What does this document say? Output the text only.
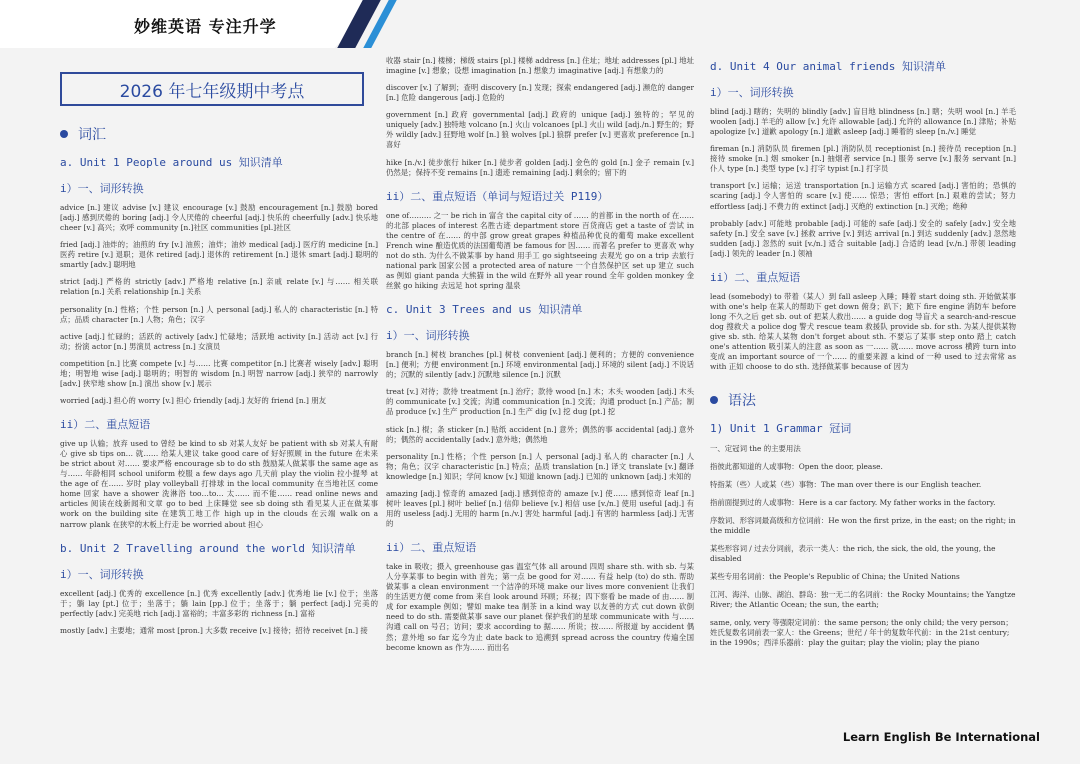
妙维英语 专注升学
2026 年七年级期中考点
词汇
a. Unit 1 People around us 知识清单
i）一、词形转换

advice [n.] 建议 advise [v.] 建议 encourage [v.] 鼓励 encouragement [n.] 鼓励 bored [adj.] 感到厌倦的 boring [adj.] 令人厌倦的 cheerful [adj.] 快乐的 cheerfully [adv.] 快乐地 cheer [v.] 高兴；欢呼 community [n.]社区 communities [pl.]社区

fried [adj.] 油炸的；油煎的 fry [v.] 油煎；油炸；油炒 medical [adj.] 医疗的 medicine [n.] 医药 retire [v.] 退职；退休 retired [adj.] 退休的 retirement [n.] 退休 smart [adj.] 聪明的 smartly [adv.] 聪明地

strict [adj.] 严格的 strictly [adv.] 严格地 relative [n.] 亲戚 relate [v.] 与…… 相关联 relation [n.] 关系 relationship [n.] 关系

personality [n.] 性格；个性 person [n.] 人 personal [adj.] 私人的 characteristic [n.] 特点；品质 character [n.] 人物；角色；汉字

active [adj.] 忙碌的；活跃的 actively [adv.] 忙碌地；活跃地 activity [n.] 活动 act [v.] 行动；扮演 actor [n.] 男演员 actress [n.] 女演员

competition [n.] 比赛 compete [v.] 与…… 比赛 competitor [n.] 比赛者 wisely [adv.] 聪明地；明智地 wise [adj.] 聪明的；明智的 wisdom [n.] 明智 narrow [adj.] 狭窄的 narrowly [adv.] 狭窄地 show [n.] 演出 show [v.] 展示

worried [adj.] 担心的 worry [v.] 担心 friendly [adj.] 友好的 friend [n.] 朋友

ii）二、重点短语

give up 认输；放弃 used to 曾经 be kind to sb 对某人友好 be patient with sb 对某人有耐心 give sb tips on… 就…… 给某人建议 take good care of 好好照顾 in the future 在未来 be strict about 对…… 要求严格 encourage sb to do sth 鼓励某人做某事 the same age as 与…… 年龄相同 school uniform 校服 a few days ago 几天前 play the violin 拉小提琴 at the age of 在…… 岁时 play volleyball 打排球 in the local community 在当地社区 come home 回家 have a shower 洗淋浴 too…to… 太…… 而不能…… read online news and articles 阅读在线新闻和文章 go to bed 上床睡觉 see sb doing sth 看见某人正在做某事 work on the building site 在建筑工地工作 high up in the clouds 在云端 walk on a narrow plank 在狭窄的木板上行走 be worried about 担心

b. Unit 2 Travelling around the world 知识清单
i）一、词形转换

excellent [adj.] 优秀的 excellence [n.] 优秀 excellently [adv.] 优秀地 lie [v.] 位于；坐落于；躺 lay [pt.] 位于；坐落于；躺 lain [pp.] 位于；坐落于；躺 perfect [adj.] 完美的 perfectly [adv.] 完美地 rich [adj.] 富裕的；丰富多彩的 richness [n.] 富裕

mostly [adv.] 主要地；通常 most [pron.] 大多数 receive [v.] 接待；招待 receivet [n.] 接

收器 stair [n.] 楼梯；梯级 stairs [pl.] 楼梯 address [n.] 住址；地址 addresses [pl.] 地址 imagine [v.] 想象；设想 imagination [n.] 想象力 imaginative [adj.] 有想象力的

discover [v.] 了解到；查明 discovery [n.] 发现；探索 endangered [adj.] 濒危的 danger [n.] 危险 dangerous [adj.] 危险的

government [n.] 政府 governmental [adj.] 政府的 unique [adj.] 独特的；罕见的 uniquely [adv.] 独特地 volcano [n.] 火山 volcanoes [pl.] 火山 wild [adj./n.] 野生的；野外 wildly [adv.] 狂野地 wolf [n.] 狼 wolves [pl.] 狼群 prefer [v.] 更喜欢 preference [n.] 喜好

hike [n./v.] 徒步旅行 hiker [n.] 徒步者 golden [adj.] 金色的 gold [n.] 金子 remain [v.] 仍然是；保持不变 remains [n.] 遗迹 remaining [adj.] 剩余的；留下的

ii）二、重点短语（单词与短语过关 P119）

one of……… 之一 be rich in 富含 the capital city of …… 的首都 in the north of 在…… 的北部 places of interest 名胜古迹 department store 百货商店 get a taste of 尝试 in the centre of 在…… 的中部 grow great grapes 种植品种优良的葡萄 make excellent French wine 酿造优质的法国葡萄酒 be famous for 因…… 而著名 prefer to 更喜欢 why not do sth. 为什么不做某事 by hand 用手工 go sightseeing 去观光 go on a trip 去旅行 national park 国家公园 a protected area of nature 一个自然保护区 set up 建立 such as 例如 giant panda 大熊猫 in the wild 在野外 all year round 全年 golden monkey 金丝猴 go hiking 去远足 hot spring 温泉

c. Unit 3 Trees and us 知识清单
i）一、词形转换

branch [n.] 树枝 branches [pl.] 树枝 convenient [adj.] 便利的；方便的 convenience [n.] 便利；方便 environment [n.] 环境 environmental [adj.] 环境的 silent [adj.] 不说话的；沉默的 silently [adv.] 沉默地 silence [n.] 沉默

treat [v.] 对待；款待 treatment [n.] 治疗；款待 wood [n.] 木；木头 wooden [adj.] 木头的 communicate [v.] 交流；沟通 communication [n.] 交流；沟通 product [n.] 产品；制品 produce [v.] 生产 production [n.] 生产 dig [v.] 挖 dug [pt.] 挖

stick [n.] 棍；条 sticker [n.] 贴纸 accident [n.] 意外；偶然的事 accidental [adj.] 意外的；偶然的 accidentally [adv.] 意外地；偶然地

personality [n.] 性格；个性 person [n.] 人 personal [adj.] 私人的 character [n.] 人物；角色；汉字 characteristic [n.] 特点；品质 translation [n.] 译文 translate [v.] 翻译 knowledge [n.] 知识；学问 know [v.] 知道 known [adj.] 已知的 unknown [adj.] 未知的

amazing [adj.] 惊奇的 amazed [adj.] 感到惊奇的 amaze [v.] 使…… 感到惊奇 leaf [n.] 树叶 leaves [pl.] 树叶 belief [n.] 信仰 believe [v.] 相信 use [v./n.] 使用 useful [adj.] 有用的 useless [adj.] 无用的 harm [n./v.] 害处 harmful [adj.] 有害的 harmless [adj.] 无害的

ii）二、重点短语

take in 吸收；摄入 greenhouse gas 温室气体 all around 四周 share sth. with sb. 与某人分享某事 to begin with 首先；第一点 be good for 对…… 有益 help (to) do sth. 帮助做某事 a clean environment 一个洁净的环境 make our lives more convenient 让我们的生活更方便 come from 来自 look around 环顾；环视；四下察看 be made of 由…… 制成 for example 例如；譬如 make tea 制茶 in a kind way 以友善的方式 cut down 砍倒 need to do sth. 需要做某事 save our planet 保护我们的星球 communicate with 与…… 沟通 call on 号召；访问；要求 according to 据…… 所说；按…… 所报道 by accident 偶然；意外地 so far 迄今为止 date back to 追溯到 spread across the country 传遍全国 become known as 作为…… 而出名

d. Unit 4 Our animal friends 知识清单
i）一、词形转换

blind [adj.] 瞎的；失明的 blindly [adv.] 盲目地 blindness [n.] 瞎；失明 wool [n.] 羊毛 woolen [adj.] 羊毛的 allow [v.] 允许 allowable [adj.] 允许的 allowance [n.] 津贴；补贴 apologize [v.] 道歉 apology [n.] 道歉 asleep [adj.] 睡着的 sleep [n./v.] 睡觉

fireman [n.] 消防队员 firemen [pl.] 消防队员 receptionist [n.] 接待员 reception [n.] 接待 smoke [n.] 烟 smoker [n.] 抽烟者 service [n.] 服务 serve [v.] 服务 servant [n.] 仆人 type [n.] 类型 type [v.] 打字 typist [n.] 打字员

transport [v.] 运输；运送 transportation [n.] 运输方式 scared [adj.] 害怕的；恐惧的 scaring [adj.] 令人害怕的 scare [v.] 使…… 惊恐；害怕 effort [n.] 艰难的尝试；努力 effortless [adj.] 不费力的 extinct [adj.] 灭绝的 extinction [n.] 灭绝；绝种

probably [adv.] 可能地 probable [adj.] 可能的 safe [adj.] 安全的 safely [adv.] 安全地 safety [n.] 安全 save [v.] 拯救 arrive [v.] 到达 arrival [n.] 到达 suddenly [adv.] 忽然地 sudden [adj.] 忽然的 suit [v./n.] 适合 suitable [adj.] 合适的 lead [v./n.] 带领 leading [adj.] 领先的 leader [n.] 领袖

ii）二、重点短语

lead (somebody) to 带着（某人）到 fall asleep 入睡；睡着 start doing sth. 开始做某事 with one's help 在某人的帮助下 get down 俯身；趴下；跪下 fire engine 消防车 before long 不久之后 get sb. out of 把某人救出…… a guide dog 导盲犬 a search-and-rescue dog 搜救犬 a police dog 警犬 rescue team 救援队 provide sb. for sth. 为某人提供某物 give sb. sth. 给某人某物 don't forget about sth. 不要忘了某事 step onto 踏上 catch one's attention 吸引某人的注意 as soon as 一…… 就…… move across 横跨 turn into 变成 an important source of 一个…… 的重要来源 a kind of 一种 used to 过去常常 as with 正如 choose to do sth. 选择做某事 because of 因为

语法
1) Unit 1 Grammar 冠词

一、定冠词 the 的主要用法

指彼此都知道的人或事物：Open the door, please.

特指某（些）人或某（些）事物：The man over there is our English teacher.

指前面提到过的人或事物：Here is a car factory. My father works in the factory.

序数词、形容词最高级和方位词前：He won the first prize, in the east; on the right; in the middle

某些形容词 / 过去分词前，表示一类人：the rich, the sick, the old, the young, the disabled

某些专用名词前：the People's Republic of China; the United Nations

江河、海洋、山脉、湖泊、群岛：独一无二的名词前：the Rocky Mountains; the Yangtze River; the Atlantic Ocean; the sun, the earth;

same, only, very 等强限定词前：the same person; the only child; the very person；姓氏复数名词前表一家人：the Greens；世纪 / 年十的复数年代前：in the 21st century; in the 1990s；西洋乐器前：play the guitar; play the violin; play the piano

Learn English Be International
